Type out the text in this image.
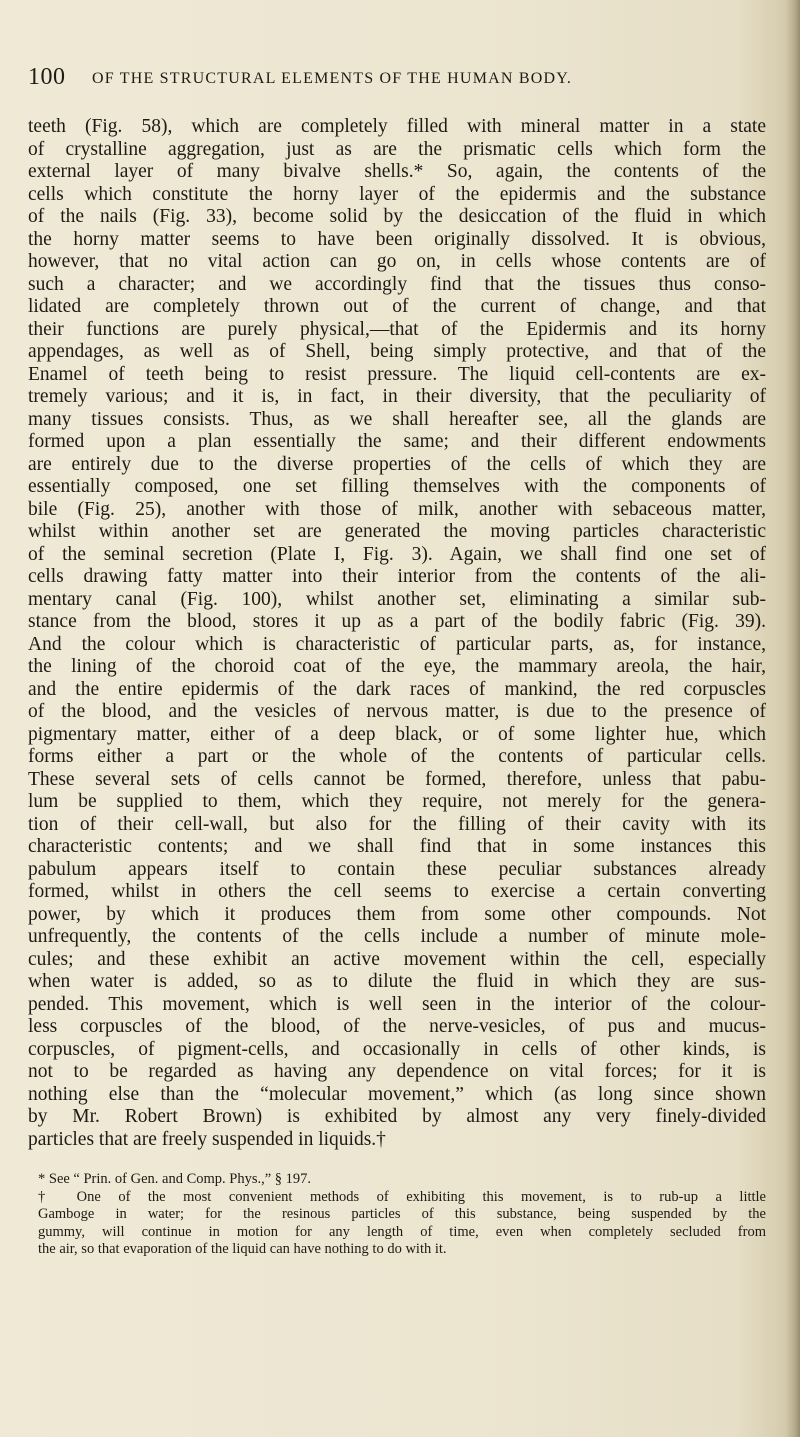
100 OF THE STRUCTURAL ELEMENTS OF THE HUMAN BODY.
teeth (Fig. 58), which are completely filled with mineral matter in a state
of crystalline aggregation, just as are the prismatic cells which form the
external layer of many bivalve shells.* So, again, the contents of the
cells which constitute the horny layer of the epidermis and the substance
of the nails (Fig. 33), become solid by the desiccation of the fluid in which
the horny matter seems to have been originally dissolved. It is obvious,
however, that no vital action can go on, in cells whose contents are of
such a character; and we accordingly find that the tissues thus conso-
lidated are completely thrown out of the current of change, and that
their functions are purely physical,—that of the Epidermis and its horny
appendages, as well as of Shell, being simply protective, and that of the
Enamel of teeth being to resist pressure. The liquid cell-contents are ex-
tremely various; and it is, in fact, in their diversity, that the peculiarity of
many tissues consists. Thus, as we shall hereafter see, all the glands are
formed upon a plan essentially the same; and their different endowments
are entirely due to the diverse properties of the cells of which they are
essentially composed, one set filling themselves with the components of
bile (Fig. 25), another with those of milk, another with sebaceous matter,
whilst within another set are generated the moving particles characteristic
of the seminal secretion (Plate I, Fig. 3). Again, we shall find one set of
cells drawing fatty matter into their interior from the contents of the ali-
mentary canal (Fig. 100), whilst another set, eliminating a similar sub-
stance from the blood, stores it up as a part of the bodily fabric (Fig. 39).
And the colour which is characteristic of particular parts, as, for instance,
the lining of the choroid coat of the eye, the mammary areola, the hair,
and the entire epidermis of the dark races of mankind, the red corpuscles
of the blood, and the vesicles of nervous matter, is due to the presence of
pigmentary matter, either of a deep black, or of some lighter hue, which
forms either a part or the whole of the contents of particular cells.
These several sets of cells cannot be formed, therefore, unless that pabu-
lum be supplied to them, which they require, not merely for the genera-
tion of their cell-wall, but also for the filling of their cavity with its
characteristic contents; and we shall find that in some instances this
pabulum appears itself to contain these peculiar substances already
formed, whilst in others the cell seems to exercise a certain converting
power, by which it produces them from some other compounds. Not
unfrequently, the contents of the cells include a number of minute mole-
cules; and these exhibit an active movement within the cell, especially
when water is added, so as to dilute the fluid in which they are sus-
pended. This movement, which is well seen in the interior of the colour-
less corpuscles of the blood, of the nerve-vesicles, of pus and mucus-
corpuscles, of pigment-cells, and occasionally in cells of other kinds, is
not to be regarded as having any dependence on vital forces; for it is
nothing else than the “molecular movement,” which (as long since shown
by Mr. Robert Brown) is exhibited by almost any very finely-divided
particles that are freely suspended in liquids.†
* See “ Prin. of Gen. and Comp. Phys.,” § 197.
† One of the most convenient methods of exhibiting this movement, is to rub-up a little
Gamboge in water; for the resinous particles of this substance, being suspended by the
gummy, will continue in motion for any length of time, even when completely secluded from
the air, so that evaporation of the liquid can have nothing to do with it.
